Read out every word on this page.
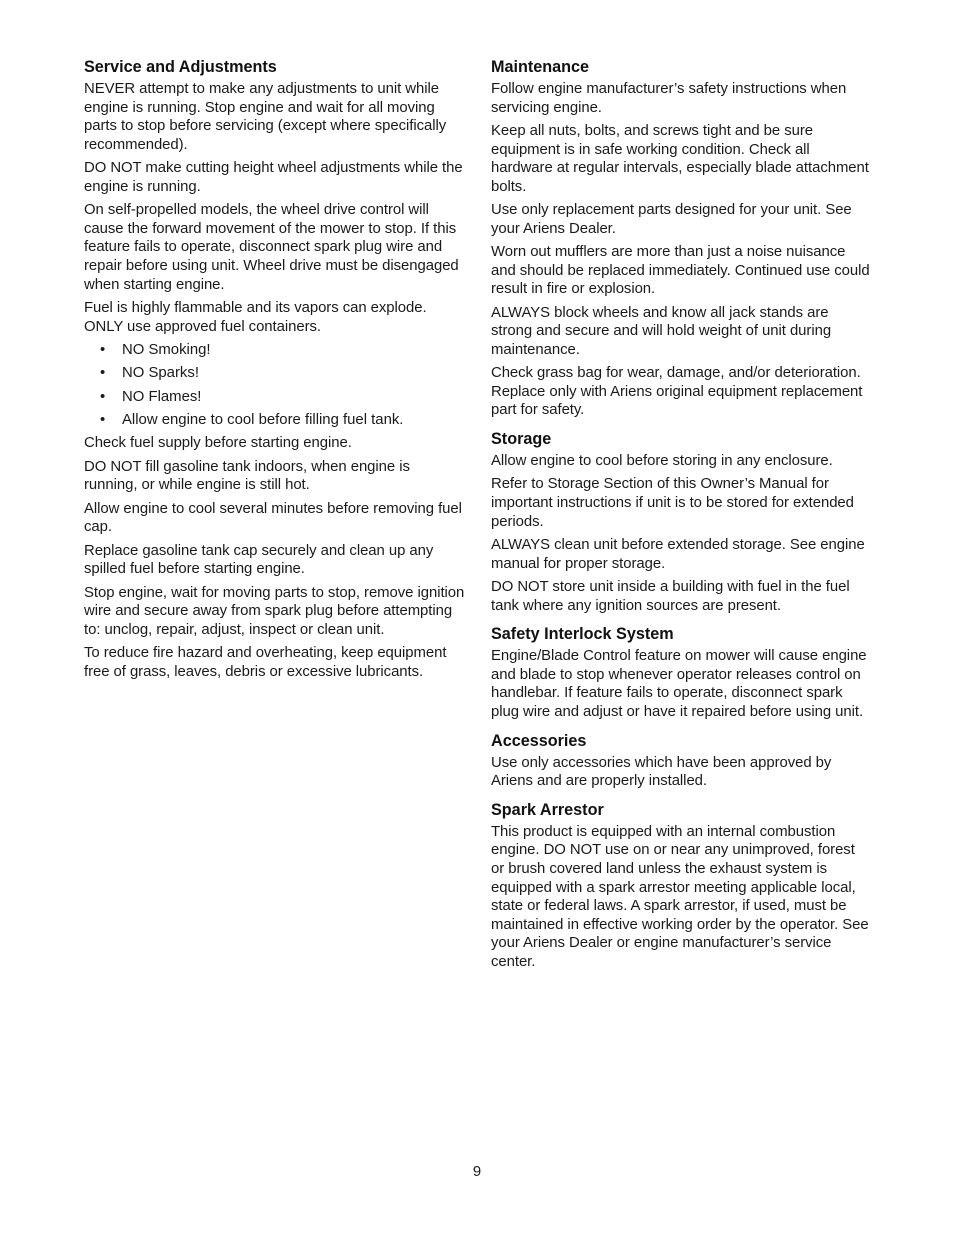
Service and Adjustments

NEVER attempt to make any adjustments to unit while engine is running. Stop engine and wait for all moving parts to stop before servicing (except where specifically recommended).

DO NOT make cutting height wheel adjustments while the engine is running.

On self-propelled models, the wheel drive control will cause the forward movement of the mower to stop. If this feature fails to operate, disconnect spark plug wire and repair before using unit. Wheel drive must be disengaged when starting engine.

Fuel is highly flammable and its vapors can explode. ONLY use approved fuel containers.

• NO Smoking!
• NO Sparks!
• NO Flames!
• Allow engine to cool before filling fuel tank.

Check fuel supply before starting engine.

DO NOT fill gasoline tank indoors, when engine is running, or while engine is still hot.

Allow engine to cool several minutes before removing fuel cap.

Replace gasoline tank cap securely and clean up any spilled fuel before starting engine.

Stop engine, wait for moving parts to stop, remove ignition wire and secure away from spark plug before attempting to: unclog, repair, adjust, inspect or clean unit.

To reduce fire hazard and overheating, keep equipment free of grass, leaves, debris or excessive lubricants.

Maintenance

Follow engine manufacturer’s safety instructions when servicing engine.

Keep all nuts, bolts, and screws tight and be sure equipment is in safe working condition. Check all hardware at regular intervals, especially blade attachment bolts.

Use only replacement parts designed for your unit. See your Ariens Dealer.

Worn out mufflers are more than just a noise nuisance and should be replaced immediately. Continued use could result in fire or explosion.

ALWAYS block wheels and know all jack stands are strong and secure and will hold weight of unit during maintenance.

Check grass bag for wear, damage, and/or deterioration. Replace only with Ariens original equipment replacement part for safety.

Storage

Allow engine to cool before storing in any enclosure.

Refer to Storage Section of this Owner’s Manual for important instructions if unit is to be stored for extended periods.

ALWAYS clean unit before extended storage. See engine manual for proper storage.

DO NOT store unit inside a building with fuel in the fuel tank where any ignition sources are present.

Safety Interlock System

Engine/Blade Control feature on mower will cause engine and blade to stop whenever operator releases control on handlebar. If feature fails to operate, disconnect spark plug wire and adjust or have it repaired before using unit.

Accessories

Use only accessories which have been approved by Ariens and are properly installed.

Spark Arrestor

This product is equipped with an internal combustion engine. DO NOT use on or near any unimproved, forest or brush covered land unless the exhaust system is equipped with a spark arrestor meeting applicable local, state or federal laws. A spark arrestor, if used, must be maintained in effective working order by the operator. See your Ariens Dealer or engine manufacturer’s service center.

9
